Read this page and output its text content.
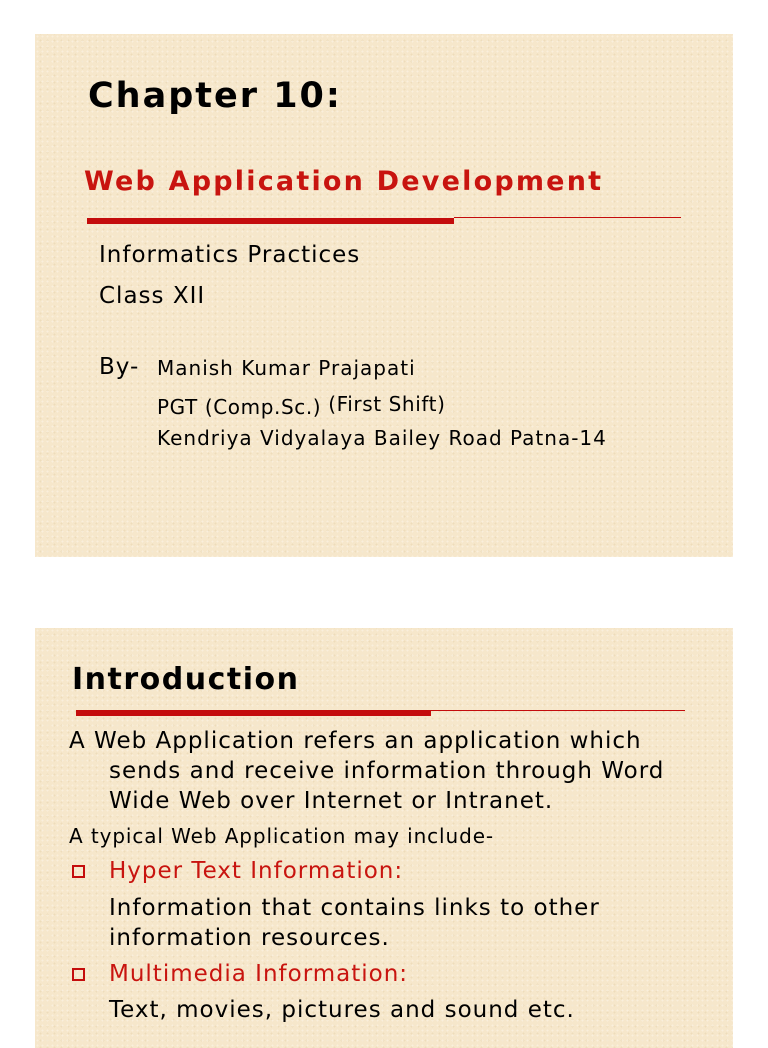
Chapter 10:
Web Application Development
Informatics Practices
Class XII
By- Manish Kumar Prajapati
PGT (Comp.Sc.) (First Shift)
Kendriya Vidyalaya Bailey Road Patna-14
Introduction
A Web Application refers an application which
sends and receive information through Word
Wide Web over Internet or Intranet.
A typical Web Application may include-
Hyper Text Information:
Information that contains links to other
information resources.
Multimedia Information:
Text, movies, pictures and sound etc.
